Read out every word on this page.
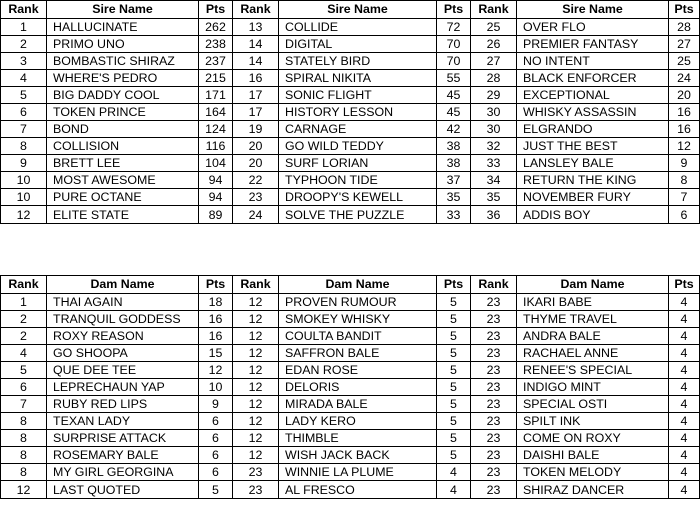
Rank	Sire Name	Pts	Rank	Sire Name	Pts	Rank	Sire Name	Pts
1	HALLUCINATE	262	13	COLLIDE	72	25	OVER FLO	28
2	PRIMO UNO	238	14	DIGITAL	70	26	PREMIER FANTASY	27
3	BOMBASTIC SHIRAZ	237	14	STATELY BIRD	70	27	NO INTENT	25
4	WHERE'S PEDRO	215	16	SPIRAL NIKITA	55	28	BLACK ENFORCER	24
5	BIG DADDY COOL	171	17	SONIC FLIGHT	45	29	EXCEPTIONAL	20
6	TOKEN PRINCE	164	17	HISTORY LESSON	45	30	WHISKY ASSASSIN	16
7	BOND	124	19	CARNAGE	42	30	ELGRANDO	16
8	COLLISION	116	20	GO WILD TEDDY	38	32	JUST THE BEST	12
9	BRETT LEE	104	20	SURF LORIAN	38	33	LANSLEY BALE	9
10	MOST AWESOME	94	22	TYPHOON TIDE	37	34	RETURN THE KING	8
10	PURE OCTANE	94	23	DROOPY'S KEWELL	35	35	NOVEMBER FURY	7
12	ELITE STATE	89	24	SOLVE THE PUZZLE	33	36	ADDIS BOY	6
Rank	Dam Name	Pts	Rank	Dam Name	Pts	Rank	Dam Name	Pts
1	THAI AGAIN	18	12	PROVEN RUMOUR	5	23	IKARI BABE	4
2	TRANQUIL GODDESS	16	12	SMOKEY WHISKY	5	23	THYME TRAVEL	4
2	ROXY REASON	16	12	COULTA BANDIT	5	23	ANDRA BALE	4
4	GO SHOOPA	15	12	SAFFRON BALE	5	23	RACHAEL ANNE	4
5	QUE DEE TEE	12	12	EDAN ROSE	5	23	RENEE'S SPECIAL	4
6	LEPRECHAUN YAP	10	12	DELORIS	5	23	INDIGO MINT	4
7	RUBY RED LIPS	9	12	MIRADA BALE	5	23	SPECIAL OSTI	4
8	TEXAN LADY	6	12	LADY KERO	5	23	SPILT INK	4
8	SURPRISE ATTACK	6	12	THIMBLE	5	23	COME ON ROXY	4
8	ROSEMARY BALE	6	12	WISH JACK BACK	5	23	DAISHI BALE	4
8	MY GIRL GEORGINA	6	23	WINNIE LA PLUME	4	23	TOKEN MELODY	4
12	LAST QUOTED	5	23	AL FRESCO	4	23	SHIRAZ DANCER	4
